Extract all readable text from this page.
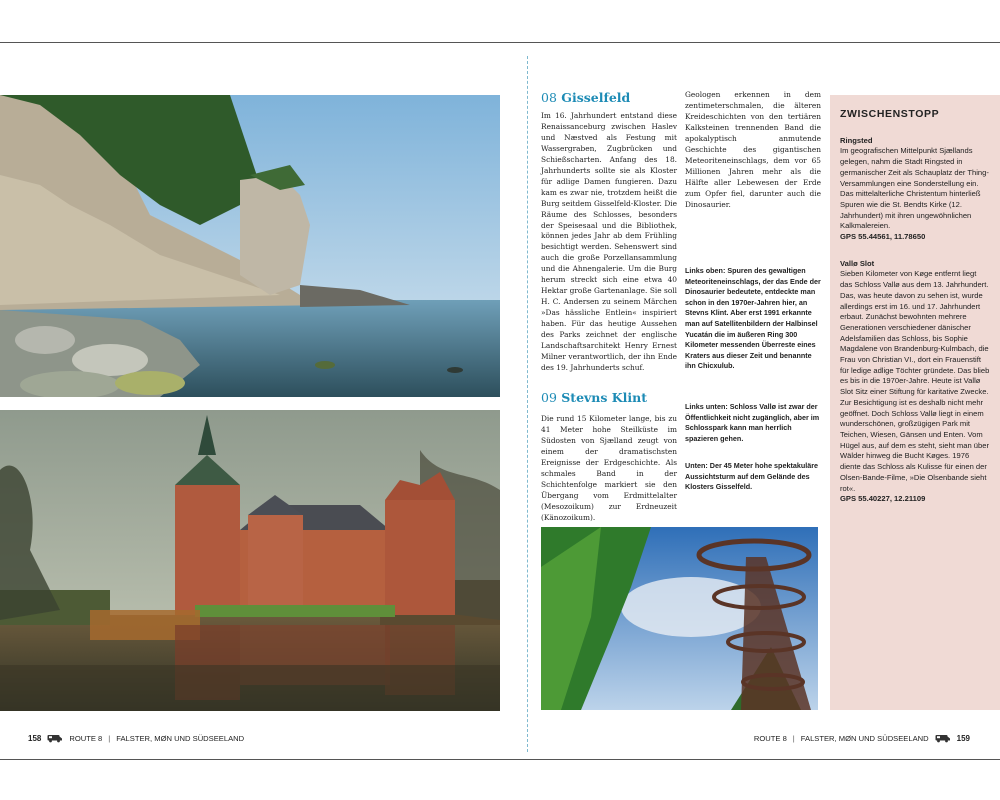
08 Gisselfeld

Im 16. Jahrhundert entstand diese Renaissanceburg zwischen Haslev und Næstved als Festung mit Wassergraben, Zugbrücken und Schießscharten. Anfang des 18. Jahrhunderts sollte sie als Kloster für adlige Damen fungieren. Dazu kam es zwar nie, trotzdem heißt die Burg seitdem Gisselfeld-Kloster. Die Räume des Schlosses, besonders der Speisesaal und die Bibliothek, können jedes Jahr ab dem Frühling besichtigt werden. Sehenswert sind auch die große Porzellansammlung und die Ahnengalerie. Um die Burg herum streckt sich eine etwa 40 Hektar große Gartenanlage. Sie soll H. C. Andersen zu seinem Märchen »Das hässliche Entlein« inspiriert haben. Für das heutige Aussehen des Parks zeichnet der englische Landschaftsarchitekt Henry Ernest Milner verantwortlich, der ihn Ende des 19. Jahrhunderts schuf.

09 Stevns Klint

Die rund 15 Kilometer lange, bis zu 41 Meter hohe Steilküste im Südosten von Sjælland zeugt von einem der dramatischsten Ereignisse der Erdgeschichte. Als schmales Band in der Schichtenfolge markiert sie den Übergang vom Erdmittelalter (Mesozoikum) zur Erdneuzeit (Känozoikum).

Geologen erkennen in dem zentimeterschmalen, die älteren Kreideschichten von den tertiären Kalksteinen trennenden Band die apokalyptisch anmutende Geschichte des gigantischen Meteoriteneinschlags, dem vor 65 Millionen Jahren mehr als die Hälfte aller Lebewesen der Erde zum Opfer fiel, darunter auch die Dinosaurier.

Links oben: Spuren des gewaltigen Meteoriteneinschlags, der das Ende der Dinosaurier bedeutete, entdeckte man schon in den 1970er-Jahren hier, an Stevns Klint. Aber erst 1991 erkannte man auf Satellitenbildern der Halbinsel Yucatán die im äußeren Ring 300 Kilometer messenden Überreste eines Kraters aus dieser Zeit und benannte ihn Chicxulub.

Links unten: Schloss Vallø ist zwar der Öffentlichkeit nicht zugänglich, aber im Schlosspark kann man herrlich spazieren gehen.

Unten: Der 45 Meter hohe spektakuläre Aussichtsturm auf dem Gelände des Klosters Gisselfeld.

ZWISCHENSTOPP

Ringsted

Im geografischen Mittelpunkt Sjællands gelegen, nahm die Stadt Ringsted in germanischer Zeit als Schauplatz der Thing-Versammlungen eine Sonderstellung ein. Das mittelalterliche Christentum hinterließ Spuren wie die St. Bendts Kirke (12. Jahrhundert) mit ihren ungewöhnlichen Kalkmalereien.

GPS 55.44561, 11.78650

Vallø Slot

Sieben Kilometer von Køge entfernt liegt das Schloss Vallø aus dem 13. Jahrhundert. Das, was heute davon zu sehen ist, wurde allerdings erst im 16. und 17. Jahrhundert erbaut. Zunächst bewohnten mehrere Generationen verschiedener dänischer Adelsfamilien das Schloss, bis Sophie Magdalene von Brandenburg-Kulmbach, die Frau von Christian VI., dort ein Frauenstift für ledige adlige Töchter gründete. Das blieb es bis in die 1970er-Jahre. Heute ist Vallø Slot Sitz einer Stiftung für karitative Zwecke. Zur Besichtigung ist es deshalb nicht mehr geöffnet. Doch Schloss Vallø liegt in einem wunderschönen, großzügigen Park mit Teichen, Wiesen, Gänsen und Enten. Vom Hügel aus, auf dem es steht, sieht man über Wälder hinweg die Bucht Køges. 1976 diente das Schloss als Kulisse für einen der Olsen-Bande-Filme, »Die Olsenbande sieht rot«.

GPS 55.40227, 12.21109

158	ROUTE 8 | FALSTER, MØN UND SÜDSEELAND	ROUTE 8 | FALSTER, MØN UND SÜDSEELAND	159
